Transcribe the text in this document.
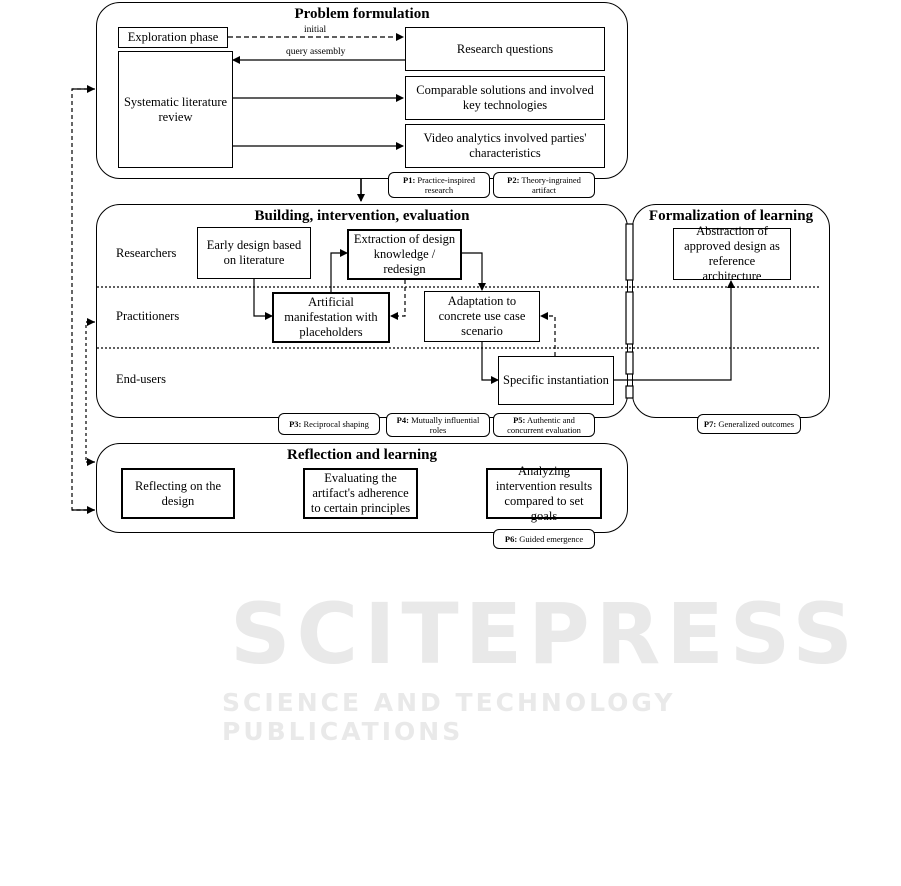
SCITEPRESS
SCIENCE AND TECHNOLOGY PUBLICATIONS
Problem formulation
Building, intervention, evaluation	Formalization of learning
Reflection and learning
initial
query assembly
Exploration phase
Systematic literature review
Research questions
Comparable solutions and involved key technologies
Video analytics involved parties' characteristics
P1: Practice-inspired research
P2: Theory-ingrained artifact
Researchers
Practitioners
End-users
Early design based on literature
Extraction of design knowledge / redesign
Artificial manifestation with placeholders
Adaptation to concrete use case scenario
Specific instantiation
Abstraction of approved design as reference architecture
P3: Reciprocal shaping	P4: Mutually influential roles
P5: Authentic and concurrent evaluation
P7: Generalized outcomes
Reflecting on the design
Evaluating the artifact's adherence to certain principles
Analyzing intervention results compared to set goals
P6: Guided emergence
